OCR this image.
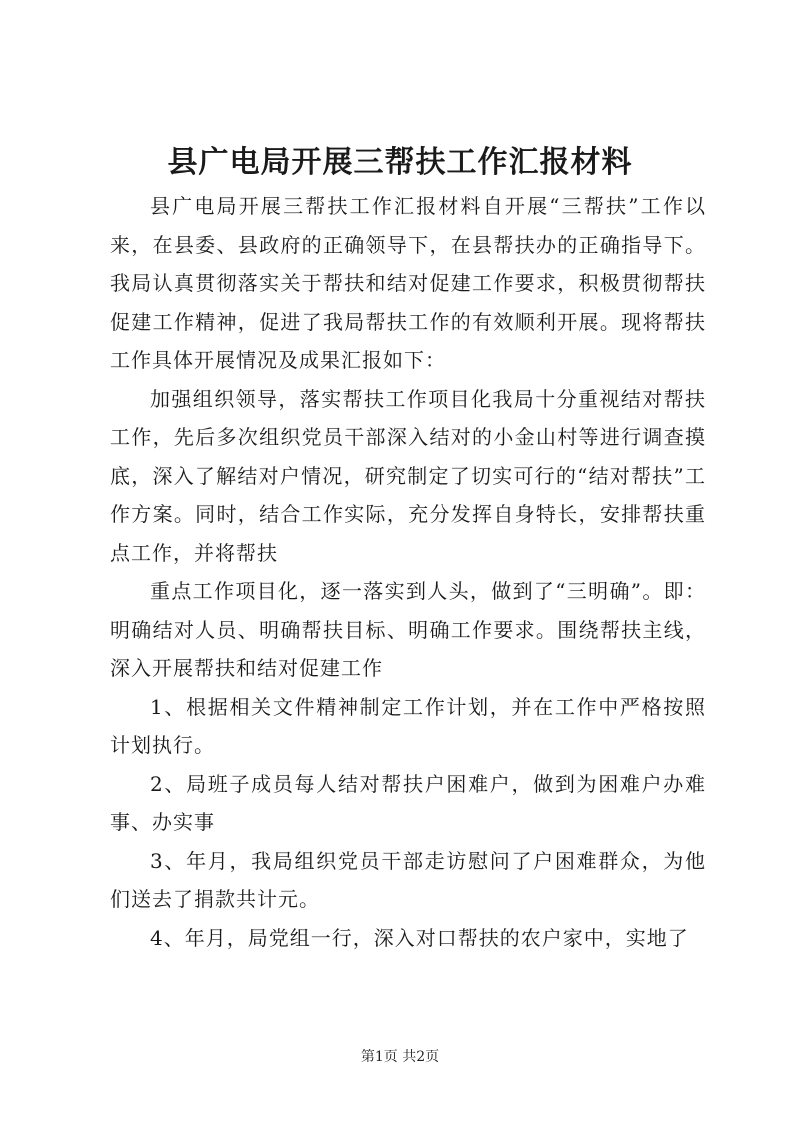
县广电局开展三帮扶工作汇报材料

县广电局开展三帮扶工作汇报材料自开展“三帮扶”工作以来，在县委、县政府的正确领导下，在县帮扶办的正确指导下。我局认真贯彻落实关于帮扶和结对促建工作要求，积极贯彻帮扶促建工作精神，促进了我局帮扶工作的有效顺利开展。现将帮扶工作具体开展情况及成果汇报如下：

加强组织领导，落实帮扶工作项目化我局十分重视结对帮扶工作，先后多次组织党员干部深入结对的小金山村等进行调查摸底，深入了解结对户情况，研究制定了切实可行的“结对帮扶”工作方案。同时，结合工作实际，充分发挥自身特长，安排帮扶重点工作，并将帮扶

重点工作项目化，逐一落实到人头，做到了“三明确”。即：明确结对人员、明确帮扶目标、明确工作要求。围绕帮扶主线，深入开展帮扶和结对促建工作

1、根据相关文件精神制定工作计划，并在工作中严格按照计划执行。

2、局班子成员每人结对帮扶户困难户，做到为困难户办难事、办实事

3、年月，我局组织党员干部走访慰问了户困难群众，为他们送去了捐款共计元。

4、年月，局党组一行，深入对口帮扶的农户家中，实地了

第1页 共2页
